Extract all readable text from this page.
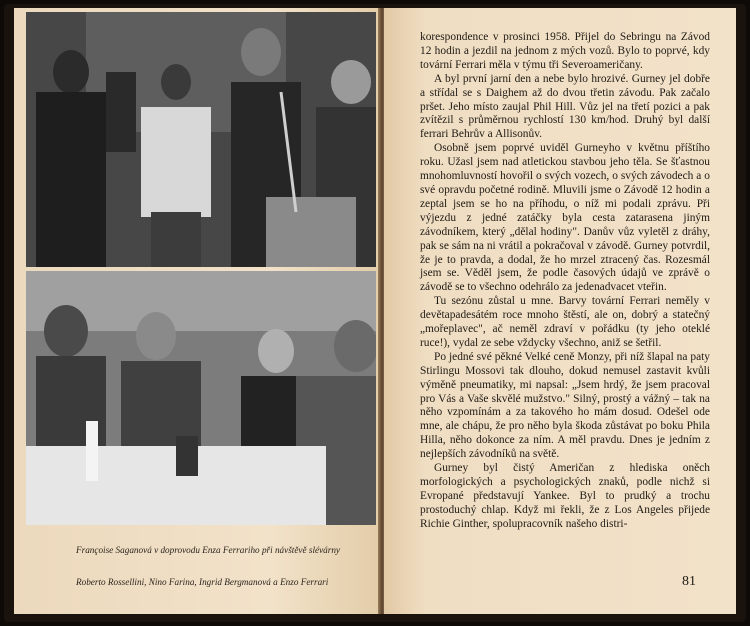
Françoise Saganová v doprovodu Enza Ferrariho při návštěvě slévárny
Roberto Rossellini, Nino Farina, Ingrid Bergmanová a Enzo Ferrari

korespondence v prosinci 1958. Přijel do Sebringu na Závod 12 hodin a jezdil na jednom z mých vozů. Bylo to poprvé, kdy tovární Ferrari měla v týmu tři Severoameričany.

A byl první jarní den a nebe bylo hrozivé. Gurney jel dobře a střídal se s Daighem až do dvou třetin závodu. Pak začalo pršet. Jeho místo zaujal Phil Hill. Vůz jel na třetí pozici a pak zvítězil s průměrnou rychlostí 130 km/hod. Druhý byl další ferrari Behrův a Allisonův.

Osobně jsem poprvé uviděl Gurneyho v květnu příštího roku. Užasl jsem nad atletickou stavbou jeho těla. Se šťastnou mnohomluvností hovořil o svých vozech, o svých závodech a o své opravdu početné rodině. Mluvili jsme o Závodě 12 hodin a zeptal jsem se ho na příhodu, o níž mi podali zprávu. Při výjezdu z jedné zatáčky byla cesta zatarasena jiným závodníkem, který „dělal hodiny". Danův vůz vyletěl z dráhy, pak se sám na ni vrátil a pokračoval v závodě. Gurney potvrdil, že je to pravda, a dodal, že ho mrzel ztracený čas. Rozesmál jsem se. Věděl jsem, že podle časových údajů ve zprávě o závodě se to všechno odehrálo za jedenadvacet vteřin.

Tu sezónu zůstal u mne. Barvy tovární Ferrari neměly v devětapadesátém roce mnoho štěstí, ale on, dobrý a statečný „mořeplavec", ač neměl zdraví v pořádku (ty jeho oteklé ruce!), vydal ze sebe vždycky všechno, aniž se šetřil.

Po jedné své pěkné Velké ceně Monzy, při níž šlapal na paty Stirlingu Mossovi tak dlouho, dokud nemusel zastavit kvůli výměně pneumatiky, mi napsal: „Jsem hrdý, že jsem pracoval pro Vás a Vaše skvělé mužstvo." Silný, prostý a vážný – tak na něho vzpomínám a za takového ho mám dosud. Odešel ode mne, ale chápu, že pro něho byla škoda zůstávat po boku Phila Hilla, něho dokonce za ním. A měl pravdu. Dnes je jedním z nejlepších závodníků na světě.

Gurney byl čistý Američan z hlediska oněch morfologických a psychologických znaků, podle nichž si Evropané představují Yankee. Byl to prudký a trochu prostoduchý chlap. Když mi řekli, že z Los Angeles přijede Richie Ginther, spolupracovník našeho distri-

81
